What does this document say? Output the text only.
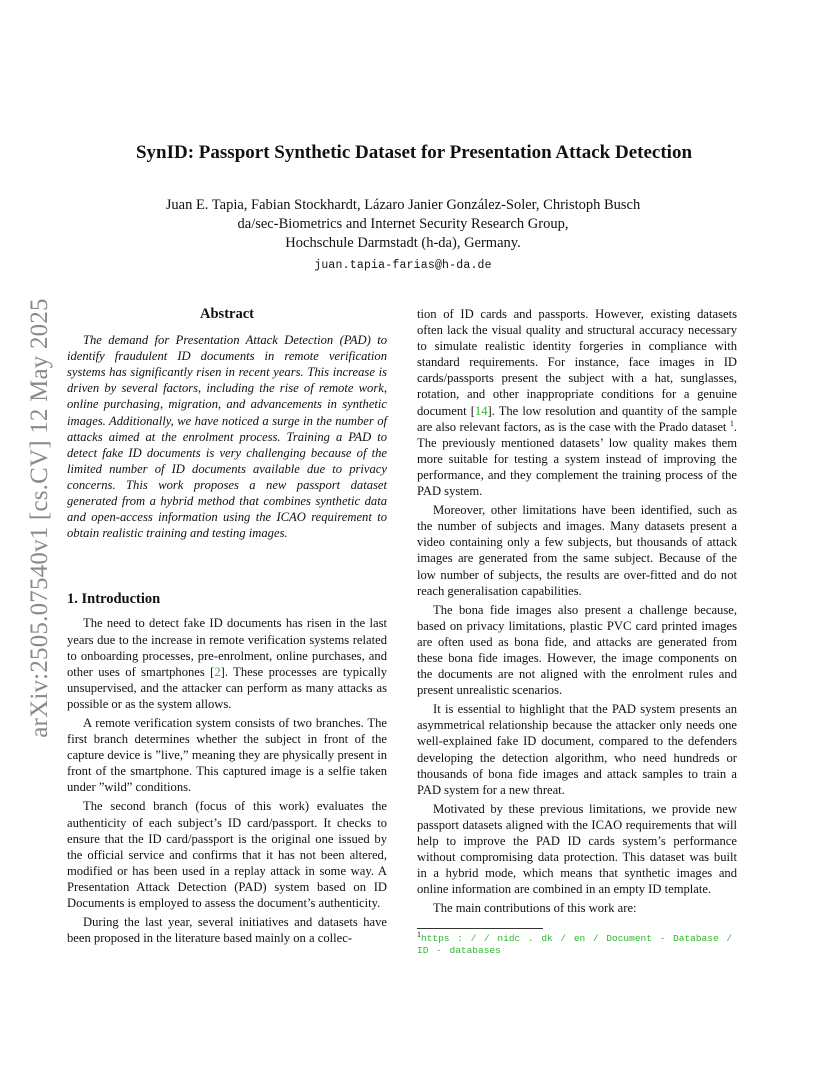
arXiv:2505.07540v1 [cs.CV] 12 May 2025
SynID: Passport Synthetic Dataset for Presentation Attack Detection
Juan E. Tapia, Fabian Stockhardt, Lázaro Janier González-Soler, Christoph Busch
da/sec-Biometrics and Internet Security Research Group,
Hochschule Darmstadt (h-da), Germany.
juan.tapia-farias@h-da.de
Abstract

The demand for Presentation Attack Detection (PAD) to identify fraudulent ID documents in remote verification systems has significantly risen in recent years. This increase is driven by several factors, including the rise of remote work, online purchasing, migration, and advancements in synthetic images. Additionally, we have noticed a surge in the number of attacks aimed at the enrolment process. Training a PAD to detect fake ID documents is very challenging because of the limited number of ID documents available due to privacy concerns. This work proposes a new passport dataset generated from a hybrid method that combines synthetic data and open-access information using the ICAO requirement to obtain realistic training and testing images.

1. Introduction

The need to detect fake ID documents has risen in the last years due to the increase in remote verification systems related to onboarding processes, pre-enrolment, online purchases, and other uses of smartphones [2]. These processes are typically unsupervised, and the attacker can perform as many attacks as possible or as the system allows.

A remote verification system consists of two branches. The first branch determines whether the subject in front of the capture device is ”live,” meaning they are physically present in front of the smartphone. This captured image is a selfie taken under ”wild” conditions.

The second branch (focus of this work) evaluates the authenticity of each subject’s ID card/passport. It checks to ensure that the ID card/passport is the original one issued by the official service and confirms that it has not been altered, modified or has been used in a replay attack in some way. A Presentation Attack Detection (PAD) system based on ID Documents is employed to assess the document’s authenticity.

During the last year, several initiatives and datasets have been proposed in the literature based mainly on a collec-

tion of ID cards and passports. However, existing datasets often lack the visual quality and structural accuracy necessary to simulate realistic identity forgeries in compliance with standard requirements. For instance, face images in ID cards/passports present the subject with a hat, sunglasses, rotation, and other inappropriate conditions for a genuine document [14]. The low resolution and quantity of the sample are also relevant factors, as is the case with the Prado dataset $^1$. The previously mentioned datasets’ low quality makes them more suitable for testing a system instead of improving the performance, and they complement the training process of the PAD system.

Moreover, other limitations have been identified, such as the number of subjects and images. Many datasets present a video containing only a few subjects, but thousands of attack images are generated from the same subject. Because of the low number of subjects, the results are over-fitted and do not reach generalisation capabilities.

The bona fide images also present a challenge because, based on privacy limitations, plastic PVC card printed images are often used as bona fide, and attacks are generated from these bona fide images. However, the image components on the documents are not aligned with the enrolment rules and present unrealistic scenarios.

It is essential to highlight that the PAD system presents an asymmetrical relationship because the attacker only needs one well-explained fake ID document, compared to the defenders developing the detection algorithm, who need hundreds or thousands of bona fide images and attack samples to train a PAD system for a new threat.

Motivated by these previous limitations, we provide new passport datasets aligned with the ICAO requirements that will help to improve the PAD ID cards system’s performance without compromising data protection. This dataset was built in a hybrid mode, which means that synthetic images and online information are combined in an empty ID template.

The main contributions of this work are:

$^1$https : / / nidc . dk / en / Document - Database / ID - databases
